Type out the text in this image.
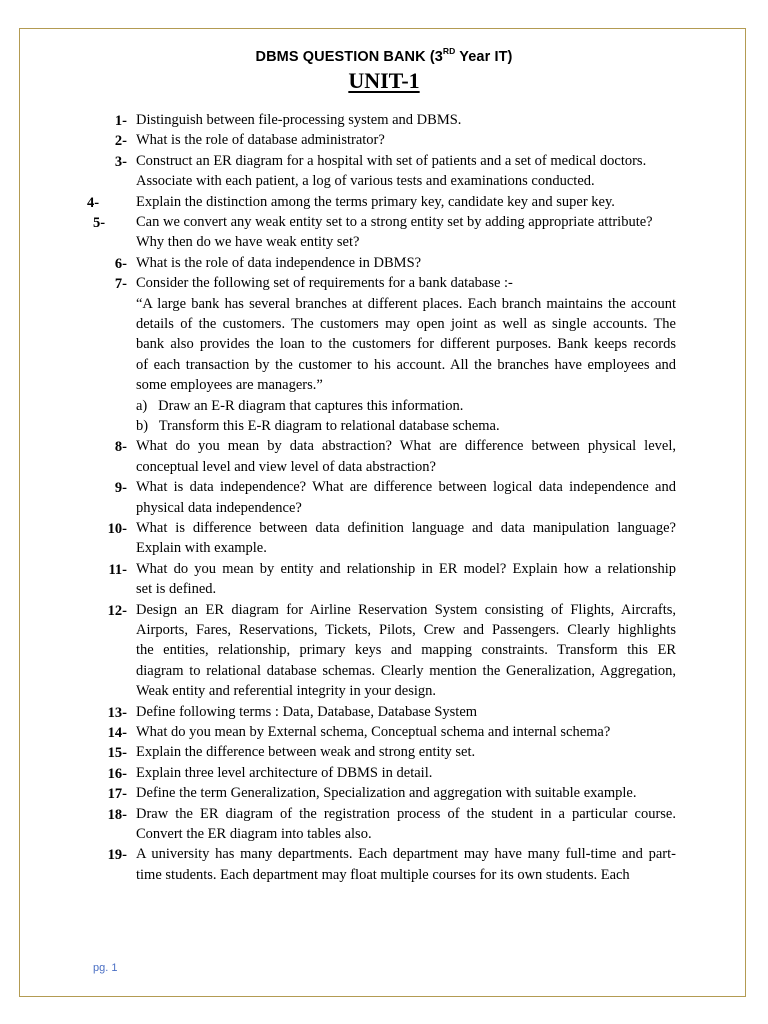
DBMS QUESTION BANK (3RD Year IT)
UNIT-1
1- Distinguish between file-processing system and DBMS.
2- What is the role of database administrator?
3- Construct an ER diagram for a hospital with set of patients and a set of medical doctors.
Associate with each patient, a log of various tests and examinations conducted.
4-	Explain the distinction among the terms primary key, candidate key and super key.
5- Can we convert any weak entity set to a strong entity set by adding appropriate attribute?
Why then do we have weak entity set?
6- What is the role of data independence in DBMS?
7- Consider the following set of requirements for a bank database :-
“A large bank has several branches at different places. Each branch maintains the account
details of the customers. The customers may open joint as well as single accounts. The
bank also provides the loan to the customers for different purposes. Bank keeps records
of each transaction by the customer to his account. All the branches have employees and
some employees are managers.”
a)   Draw an E-R diagram that captures this information.
b)   Transform this E-R diagram to relational database schema.
8- What do you mean by data abstraction? What are difference between physical level,
conceptual level and view level of data abstraction?
9- What is data independence? What are difference between logical data independence and
physical data independence?
10- What is difference between data definition language and data manipulation language?
Explain with example.
11- What do you mean by entity and relationship in ER model? Explain how a relationship
set is defined.
12- Design an ER diagram for Airline Reservation System consisting of Flights, Aircrafts,
Airports, Fares, Reservations, Tickets, Pilots, Crew and Passengers. Clearly highlights
the entities, relationship, primary keys and mapping constraints. Transform this ER
diagram to relational database schemas. Clearly mention the Generalization, Aggregation,
Weak entity and referential integrity in your design.
13- Define following terms : Data, Database, Database System
14- What do you mean by External schema, Conceptual schema and internal schema?
15- Explain the difference between weak and strong entity set.
16- Explain three level architecture of DBMS in detail.
17- Define the term Generalization, Specialization and aggregation with suitable example.
18- Draw the ER diagram of the registration process of the student in a particular course.
Convert the ER diagram into tables also.
19- A university has many departments. Each department may have many full-time and part-
time students. Each department may float multiple courses for its own students. Each
pg. 1
